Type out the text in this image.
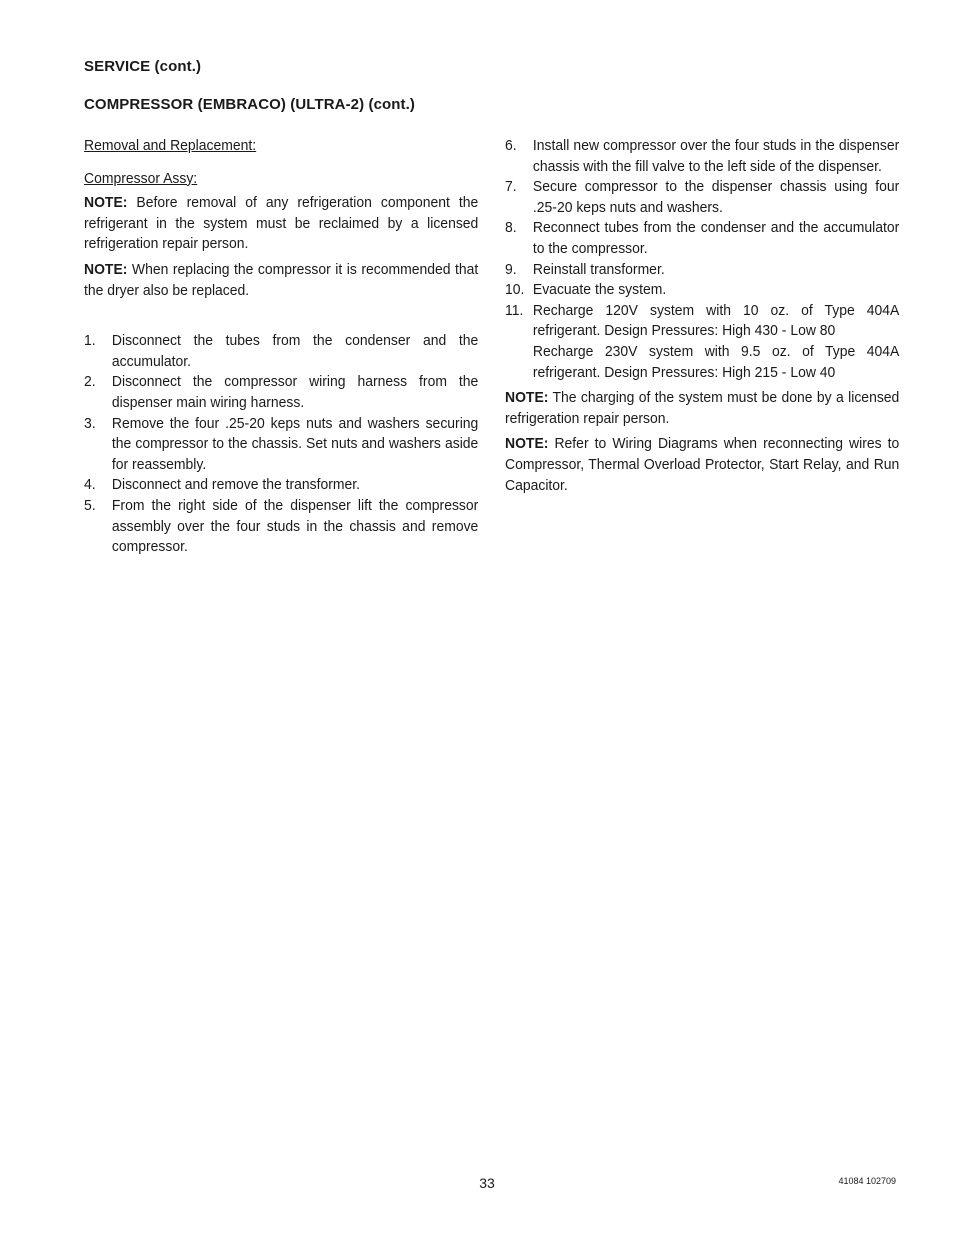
SERVICE (cont.)
COMPRESSOR (EMBRACO) (ULTRA-2) (cont.)

Removal and Replacement:

Compressor Assy:

NOTE: Before removal of any refrigeration component the refrigerant in the system must be reclaimed by a licensed refrigeration repair person.

NOTE: When replacing the compressor it is recommended that the dryer also be replaced.

1. Disconnect the tubes from the condenser and the accumulator.
2. Disconnect the compressor wiring harness from the dispenser main wiring harness.
3. Remove the four .25-20 keps nuts and washers securing the compressor to the chassis. Set nuts and washers aside for reassembly.
4. Disconnect and remove the transformer.
5. From the right side of the dispenser lift the compressor assembly over the four studs in the chassis and remove compressor.
6. Install new compressor over the four studs in the dispenser chassis with the fill valve to the left side of the dispenser.
7. Secure compressor to the dispenser chassis using four .25-20 keps nuts and washers.
8. Reconnect tubes from the condenser and the accumulator to the compressor.
9. Reinstall transformer.
10. Evacuate the system.
11. Recharge 120V system with 10 oz. of Type 404A refrigerant. Design Pressures: High 430 - Low 80
Recharge 230V system with 9.5 oz. of Type 404A refrigerant. Design Pressures: High 215 - Low 40

NOTE: The charging of the system must be done by a licensed refrigeration repair person.

NOTE: Refer to Wiring Diagrams when reconnecting wires to Compressor, Thermal Overload Protector, Start Relay, and Run Capacitor.

33	41084 102709
